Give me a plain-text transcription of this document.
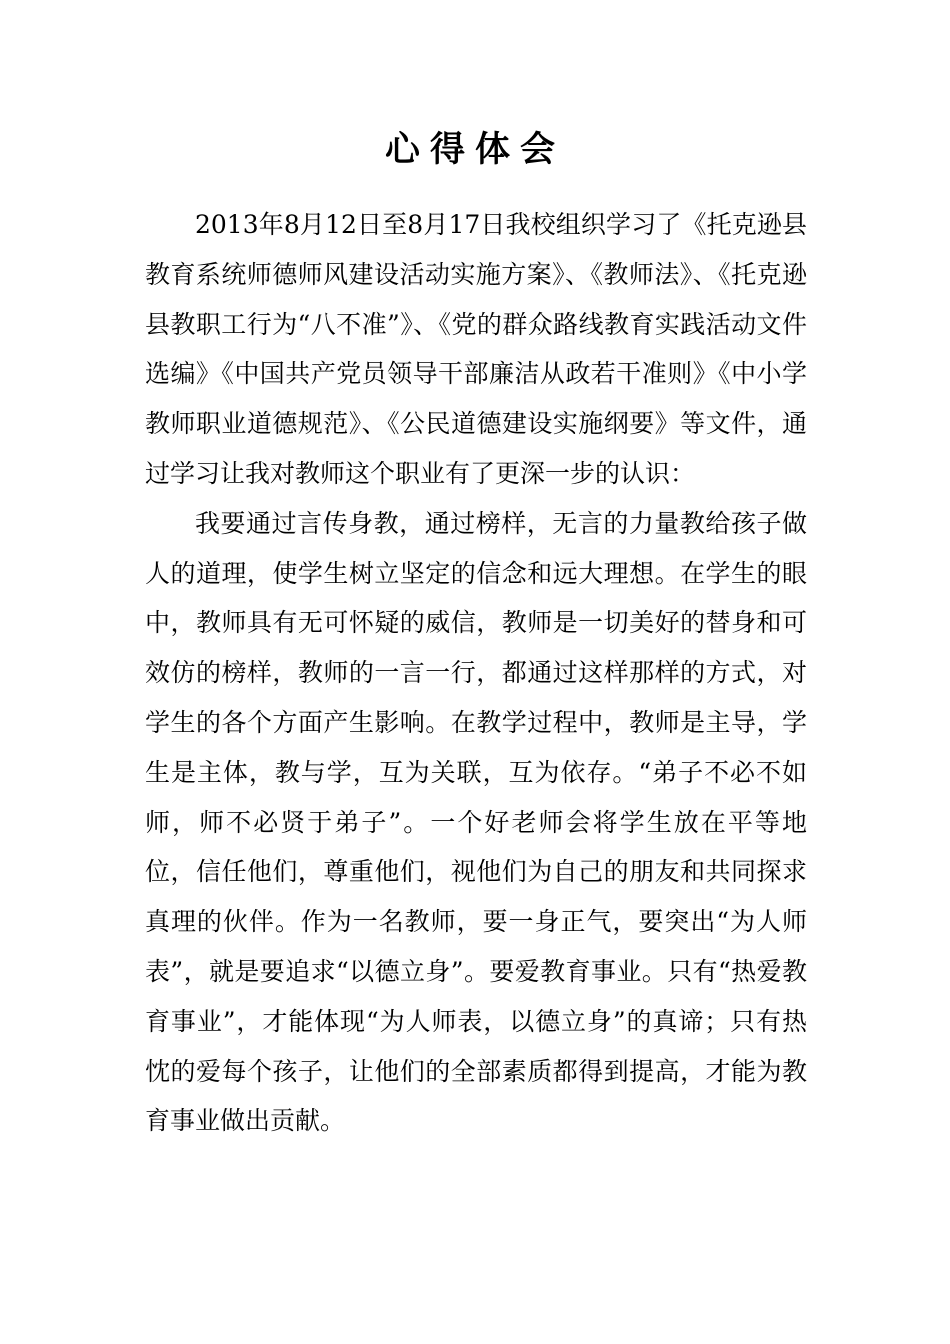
心得体会

2013年8月12日至8月17日我校组织学习了《托克逊县教育系统师德师风建设活动实施方案》、《教师法》、《托克逊县教职工行为“八不准”》、《党的群众路线教育实践活动文件选编》《中国共产党员领导干部廉洁从政若干准则》《中小学教师职业道德规范》、《公民道德建设实施纲要》等文件，通过学习让我对教师这个职业有了更深一步的认识：

我要通过言传身教，通过榜样，无言的力量教给孩子做人的道理，使学生树立坚定的信念和远大理想。在学生的眼中，教师具有无可怀疑的威信，教师是一切美好的替身和可效仿的榜样，教师的一言一行，都通过这样那样的方式，对学生的各个方面产生影响。在教学过程中，教师是主导，学生是主体，教与学，互为关联，互为依存。“弟子不必不如师，师不必贤于弟子”。一个好老师会将学生放在平等地位，信任他们，尊重他们，视他们为自己的朋友和共同探求真理的伙伴。作为一名教师，要一身正气，要突出“为人师表”，就是要追求“以德立身”。要爱教育事业。只有“热爱教育事业”，才能体现“为人师表，以德立身”的真谛；只有热忱的爱每个孩子，让他们的全部素质都得到提高，才能为教育事业做出贡献。
